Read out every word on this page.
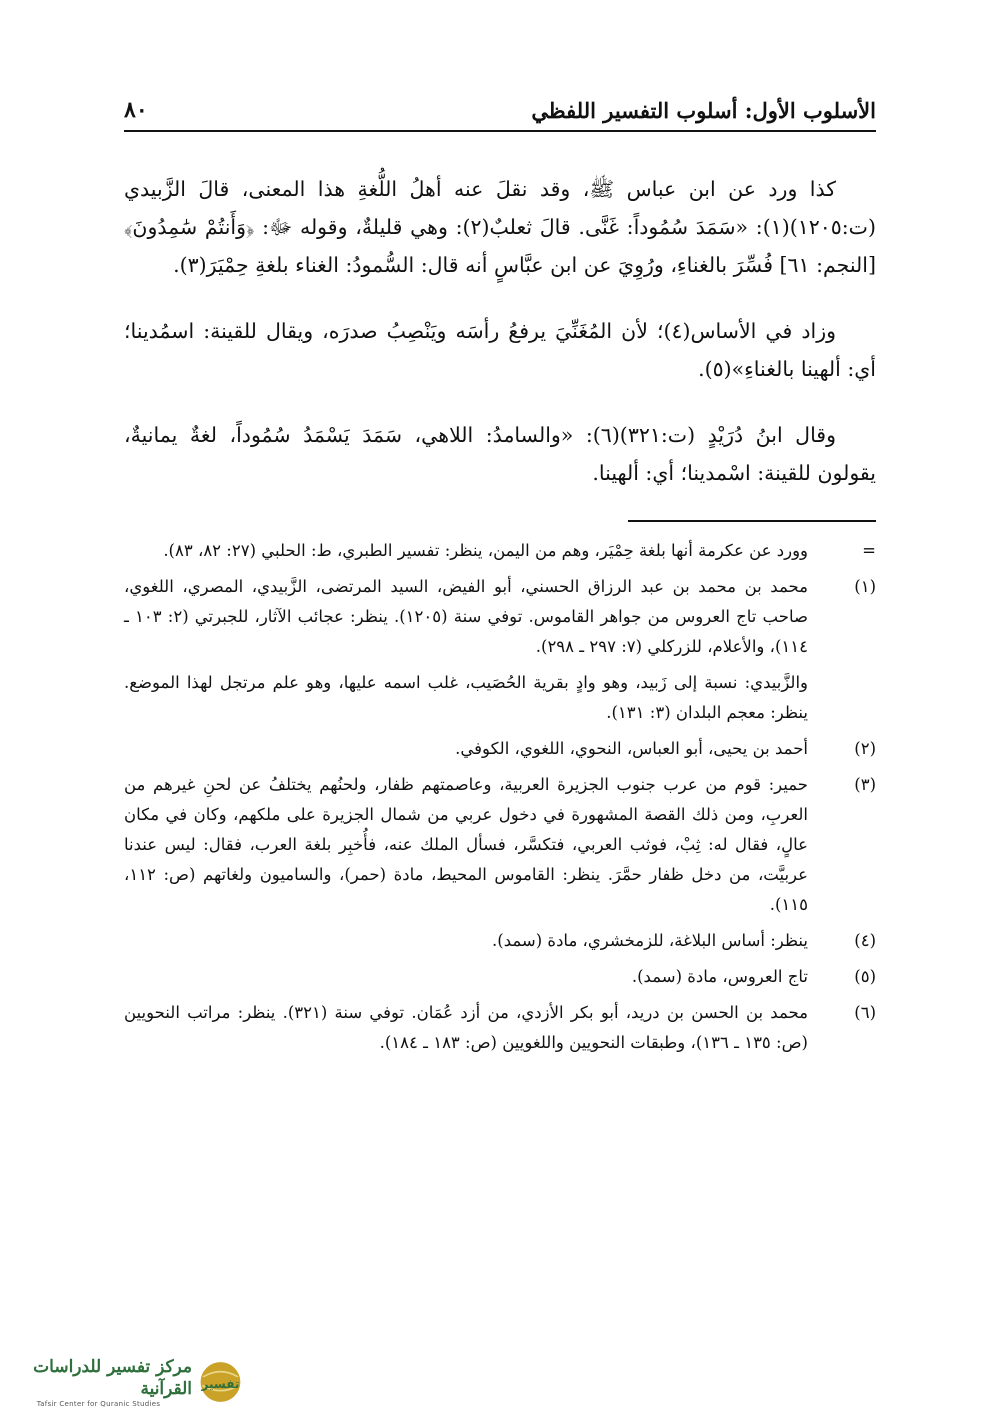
الأسلوب الأول: أسلوب التفسير اللفظي
٨٠

كذا ورد عن ابن عباس ﷺ، وقد نقلَ عنه أهلُ اللُّغةِ هذا المعنى، قالَ الزَّبيدي (ت:١٢٠٥)(١): «سَمَدَ سُمُوداً: غَنَّى. قالَ ثعلبٌ(٢): وهي قليلةٌ، وقوله ﷻ: ﴿وَأَنتُمْ سَٰمِدُونَ﴾ [النجم: ٦١] فُسِّرَ بالغناءِ، ورُوِيَ عن ابن عبَّاسٍ أنه قال: السُّمودُ: الغناء بلغةِ حِمْيَرَ(٣).

وزاد في الأساس(٤)؛ لأن المُغَنِّيَ يرفعُ رأسَه ويَنْصِبُ صدرَه، ويقال للقينة: اسمُدينا؛ أي: ألهينا بالغناءِ»(٥).

وقال ابنُ دُرَيْدٍ (ت:٣٢١)(٦): «والسامدُ: اللاهي، سَمَدَ يَسْمَدُ سُمُوداً، لغةٌ يمانيةٌ، يقولون للقينة: اسْمدينا؛ أي: ألهينا.

=
وورد عن عكرمة أنها بلغة حِمْيَر، وهم من اليمن، ينظر: تفسير الطبري، ط: الحلبي (٢٧: ٨٢، ٨٣).
(١)
محمد بن محمد بن عبد الرزاق الحسني، أبو الفيض، السيد المرتضى، الزَّبيدي، المصري، اللغوي، صاحب تاج العروس من جواهر القاموس. توفي سنة (١٢٠٥). ينظر: عجائب الآثار، للجبرتي (٢: ١٠٣ ـ ١١٤)، والأعلام، للزركلي (٧: ٢٩٧ ـ ٢٩٨).
والزَّبيدي: نسبة إلى زَبيد، وهو وادٍ بقرية الحُصَيب، غلب اسمه عليها، وهو علم مرتجل لهذا الموضع. ينظر: معجم البلدان (٣: ١٣١).
(٢)
أحمد بن يحيى، أبو العباس، النحوي، اللغوي، الكوفي.
(٣)
حمير: قوم من عرب جنوب الجزيرة العربية، وعاصمتهم ظفار، ولحنُهم يختلفُ عن لحنِ غيرهم من العربِ، ومن ذلك القصة المشهورة في دخول عربي من شمال الجزيرة على ملكهم، وكان في مكان عالٍ، فقال له: ثِبْ، فوثب العربي، فتكسَّر، فسأل الملك عنه، فأُخبِر بلغة العرب، فقال: ليس عندنا عربيَّت، من دخل ظفار حمَّرَ. ينظر: القاموس المحيط، مادة (حمر)، والساميون ولغاتهم (ص: ١١٢، ١١٥).
(٤)
ينظر: أساس البلاغة، للزمخشري، مادة (سمد).
(٥)
تاج العروس، مادة (سمد).
(٦)
محمد بن الحسن بن دريد، أبو بكر الأزدي، من أزد عُمَان. توفي سنة (٣٢١). ينظر: مراتب النحويين (ص: ١٣٥ ـ ١٣٦)، وطبقات النحويين واللغويين (ص: ١٨٣ ـ ١٨٤).
مركز تفسير للدراسات القرآنية
Tafsir Center for Quranic Studies
تفسير
